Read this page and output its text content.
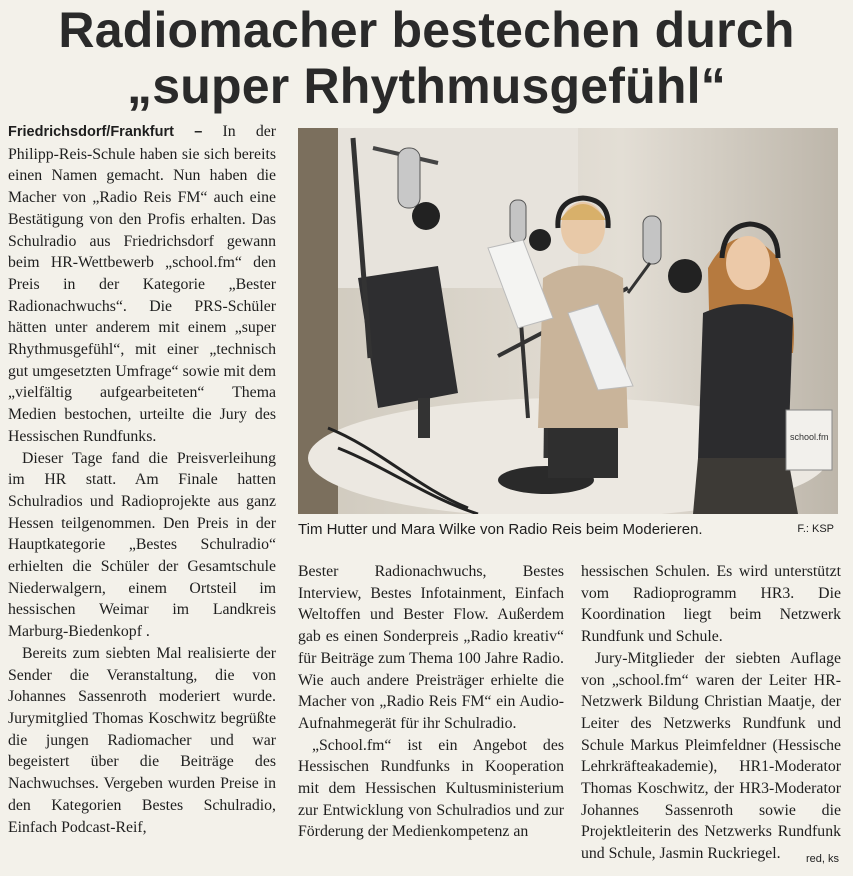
Radiomacher bestechen durch
„super Rhythmusgefühl“

Friedrichsdorf/Frankfurt – In der Philipp-Reis-Schule haben sie sich bereits einen Namen gemacht. Nun haben die Macher von „Radio Reis FM“ auch eine Bestätigung von den Profis erhalten. Das Schulradio aus Friedrichsdorf gewann beim HR-Wettbewerb „school.fm“ den Preis in der Kategorie „Bester Radionachwuchs“. Die PRS-Schüler hätten unter anderem mit einem „super Rhythmusgefühl“, mit einer „technisch gut umgesetzten Umfrage“ sowie mit dem „vielfältig aufgearbeiteten“ Thema Medien bestochen, urteilte die Jury des Hessischen Rundfunks.

Dieser Tage fand die Preisverleihung im HR statt. Am Finale hatten Schulradios und Radioprojekte aus ganz Hessen teilgenommen. Den Preis in der Hauptkategorie „Bestes Schulradio“ erhielten die Schüler der Gesamtschule Niederwalgern, einem Ortsteil im hessischen Weimar im Landkreis Marburg-Biedenkopf .

Bereits zum siebten Mal realisierte der Sender die Veranstaltung, die von Johannes Sassenroth moderiert wurde. Jurymitglied Thomas Koschwitz begrüßte die jungen Radiomacher und war begeistert über die Beiträge des Nachwuchses. Vergeben wurden Preise in den Kategorien Bestes Schulradio, Einfach Podcast-Reif,

school.fm
Tim Hutter und Mara Wilke von Radio Reis beim Moderieren.	F.: KSP

Bester Radionachwuchs, Bestes Interview, Bestes Infotainment, Einfach Weltoffen und Bester Flow. Außerdem gab es einen Sonderpreis „Radio kreativ“ für Beiträge zum Thema 100 Jahre Radio. Wie auch andere Preisträger erhielte die Macher von „Radio Reis FM“ ein Audio-Aufnahmegerät für ihr Schulradio.

„School.fm“ ist ein Angebot des Hessischen Rundfunks in Kooperation mit dem Hessischen Kultusministerium zur Entwicklung von Schulradios und zur Förderung der Medienkompetenz an

hessischen Schulen. Es wird unterstützt vom Radioprogramm HR3. Die Koordination liegt beim Netzwerk Rundfunk und Schule.

Jury-Mitglieder der siebten Auflage von „school.fm“ waren der Leiter HR-Netzwerk Bildung Christian Maatje, der Leiter des Netzwerks Rundfunk und Schule Markus Pleimfeldner (Hessische Lehrkräfteakademie), HR1-Moderator Thomas Koschwitz, der HR3-Moderator Johannes Sassenroth sowie die Projektleiterin des Netzwerks Rundfunk und Schule, Jasmin Ruckriegel.	red, ks
